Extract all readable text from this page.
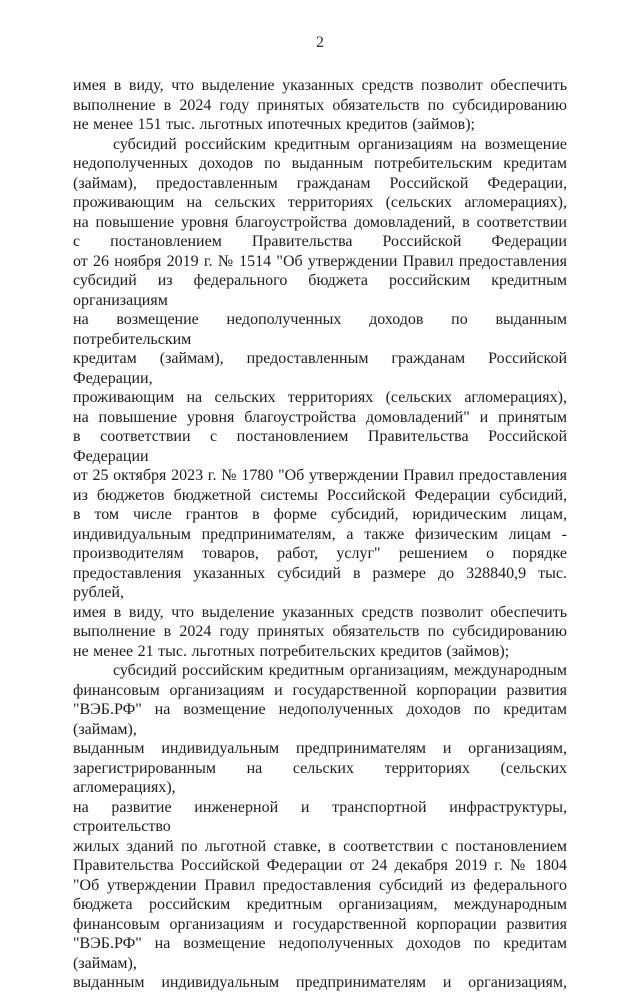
2
имея в виду, что выделение указанных средств позволит обеспечить
выполнение в 2024 году принятых обязательств по субсидированию
не менее 151 тыс. льготных ипотечных кредитов (займов);
субсидий российским кредитным организациям на возмещение
недополученных доходов по выданным потребительским кредитам
(займам), предоставленным гражданам Российской Федерации,
проживающим на сельских территориях (сельских агломерациях),
на повышение уровня благоустройства домовладений, в соответствии
с постановлением Правительства Российской Федерации
от 26 ноября 2019 г. № 1514 "Об утверждении Правил предоставления
субсидий из федерального бюджета российским кредитным организациям
на возмещение недополученных доходов по выданным потребительским
кредитам (займам), предоставленным гражданам Российской Федерации,
проживающим на сельских территориях (сельских агломерациях),
на повышение уровня благоустройства домовладений" и принятым
в соответствии с постановлением Правительства Российской Федерации
от 25 октября 2023 г. № 1780 "Об утверждении Правил предоставления
из бюджетов бюджетной системы Российской Федерации субсидий,
в том числе грантов в форме субсидий, юридическим лицам,
индивидуальным предпринимателям, а также физическим лицам -
производителям товаров, работ, услуг" решением о порядке
предоставления указанных субсидий в размере до 328840,9 тыс. рублей,
имея в виду, что выделение указанных средств позволит обеспечить
выполнение в 2024 году принятых обязательств по субсидированию
не менее 21 тыс. льготных потребительских кредитов (займов);
субсидий российским кредитным организациям, международным
финансовым организациям и государственной корпорации развития
"ВЭБ.РФ" на возмещение недополученных доходов по кредитам (займам),
выданным индивидуальным предпринимателям и организациям,
зарегистрированным на сельских территориях (сельских агломерациях),
на развитие инженерной и транспортной инфраструктуры, строительство
жилых зданий по льготной ставке, в соответствии с постановлением
Правительства Российской Федерации от 24 декабря 2019 г. № 1804
"Об утверждении Правил предоставления субсидий из федерального
бюджета российским кредитным организациям, международным
финансовым организациям и государственной корпорации развития
"ВЭБ.РФ" на возмещение недополученных доходов по кредитам (займам),
выданным индивидуальным предпринимателям и организациям,
